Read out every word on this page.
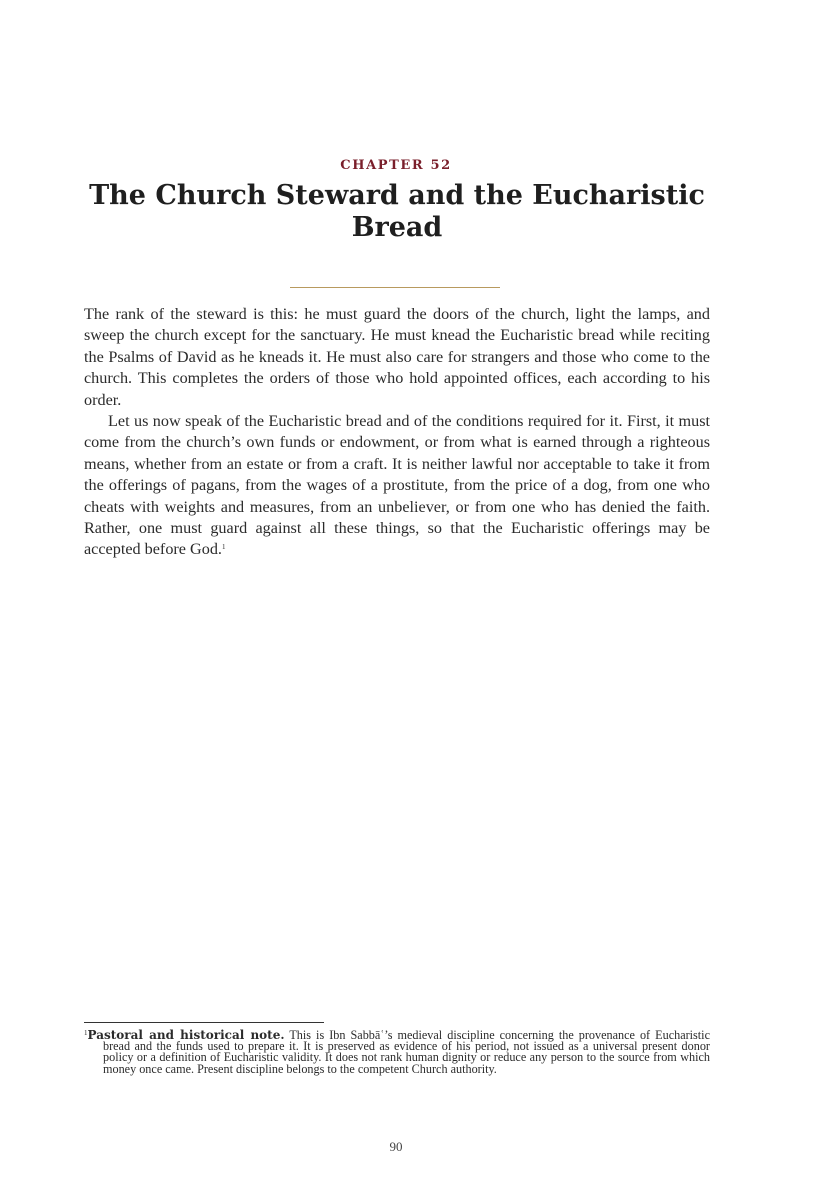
CHAPTER 52
The Church Steward and the Eucharistic Bread

The rank of the steward is this: he must guard the doors of the church, light the lamps, and sweep the church except for the sanctuary. He must knead the Eucharistic bread while reciting the Psalms of David as he kneads it. He must also care for strangers and those who come to the church. This completes the orders of those who hold appointed offices, each according to his order.

Let us now speak of the Eucharistic bread and of the conditions required for it. First, it must come from the church’s own funds or endowment, or from what is earned through a righteous means, whether from an estate or from a craft. It is neither lawful nor acceptable to take it from the offerings of pagans, from the wages of a prostitute, from the price of a dog, from one who cheats with weights and measures, from an unbeliever, or from one who has denied the faith. Rather, one must guard against all these things, so that the Eucharistic offerings may be accepted before God.$^1$

$^1$Pastoral and historical note. This is Ibn Sabbāʿ’s medieval discipline concerning the provenance of Eucharistic bread and the funds used to prepare it. It is preserved as evidence of his period, not issued as a universal present donor policy or a definition of Eucharistic validity. It does not rank human dignity or reduce any person to the source from which money once came. Present discipline belongs to the competent Church authority.
90
